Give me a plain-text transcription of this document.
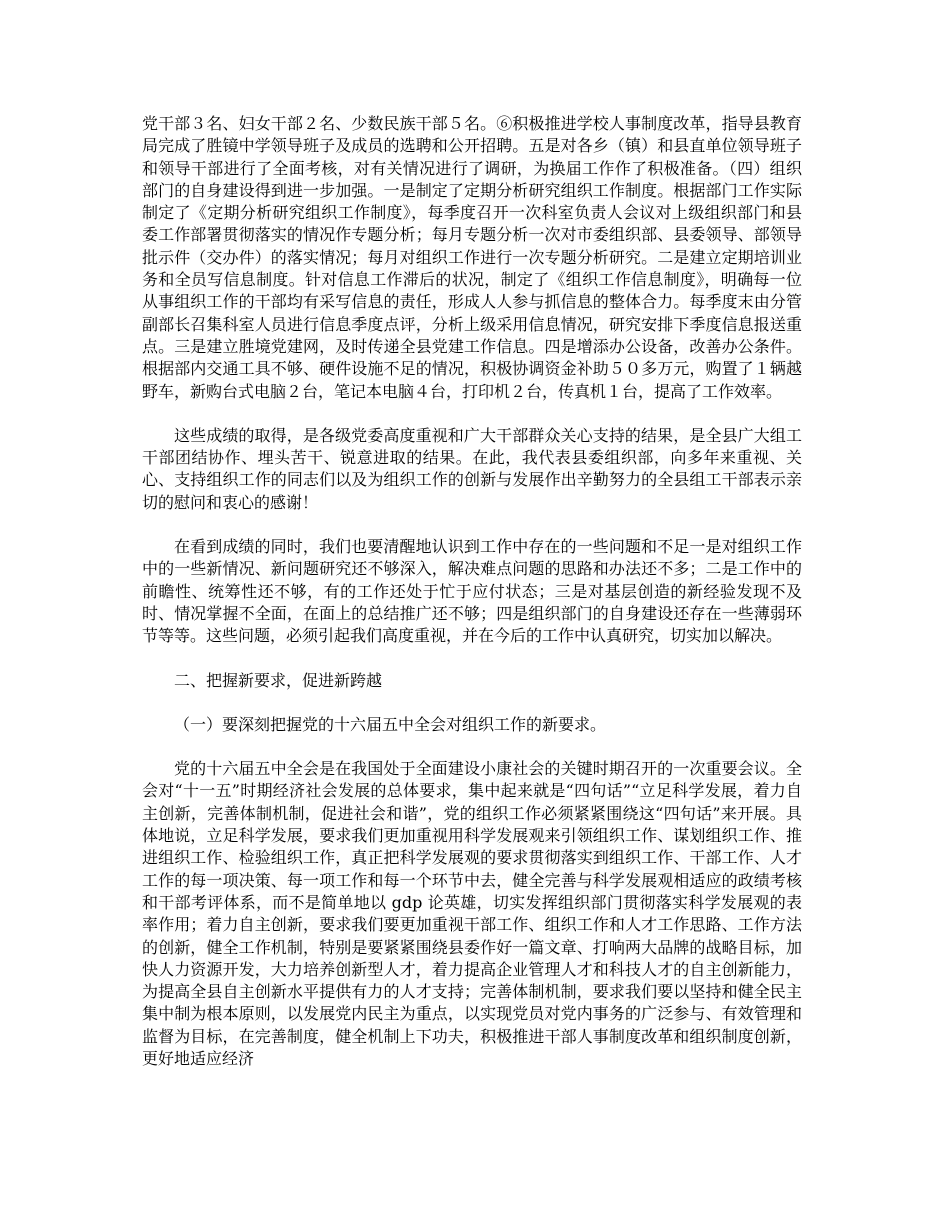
党干部３名、妇女干部２名、少数民族干部５名。⑥积极推进学校人事制度改革，指导县教育局完成了胜镜中学领导班子及成员的选聘和公开招聘。五是对各乡（镇）和县直单位领导班子和领导干部进行了全面考核，对有关情况进行了调研，为换届工作作了积极准备。（四）组织部门的自身建设得到进一步加强。一是制定了定期分析研究组织工作制度。根据部门工作实际制定了《定期分析研究组织工作制度》，每季度召开一次科室负责人会议对上级组织部门和县委工作部署贯彻落实的情况作专题分析；每月专题分析一次对市委组织部、县委领导、部领导批示件（交办件）的落实情况；每月对组织工作进行一次专题分析研究。二是建立定期培训业务和全员写信息制度。针对信息工作滞后的状况，制定了《组织工作信息制度》，明确每一位从事组织工作的干部均有采写信息的责任，形成人人参与抓信息的整体合力。每季度末由分管副部长召集科室人员进行信息季度点评，分析上级采用信息情况，研究安排下季度信息报送重点。三是建立胜境党建网，及时传递全县党建工作信息。四是增添办公设备，改善办公条件。根据部内交通工具不够、硬件设施不足的情况，积极协调资金补助５０多万元，购置了１辆越野车，新购台式电脑２台，笔记本电脑４台，打印机２台，传真机１台，提高了工作效率。

这些成绩的取得，是各级党委高度重视和广大干部群众关心支持的结果，是全县广大组工干部团结协作、埋头苦干、锐意进取的结果。在此，我代表县委组织部，向多年来重视、关心、支持组织工作的同志们以及为组织工作的创新与发展作出辛勤努力的全县组工干部表示亲切的慰问和衷心的感谢！

在看到成绩的同时，我们也要清醒地认识到工作中存在的一些问题和不足一是对组织工作中的一些新情况、新问题研究还不够深入，解决难点问题的思路和办法还不多；二是工作中的前瞻性、统筹性还不够，有的工作还处于忙于应付状态；三是对基层创造的新经验发现不及时、情况掌握不全面，在面上的总结推广还不够；四是组织部门的自身建设还存在一些薄弱环节等等。这些问题，必须引起我们高度重视，并在今后的工作中认真研究，切实加以解决。

二、把握新要求，促进新跨越

（一）要深刻把握党的十六届五中全会对组织工作的新要求。

党的十六届五中全会是在我国处于全面建设小康社会的关键时期召开的一次重要会议。全会对“十一五”时期经济社会发展的总体要求，集中起来就是“四句话”“立足科学发展，着力自主创新，完善体制机制，促进社会和谐”，党的组织工作必须紧紧围绕这“四句话”来开展。具体地说，立足科学发展，要求我们更加重视用科学发展观来引领组织工作、谋划组织工作、推进组织工作、检验组织工作，真正把科学发展观的要求贯彻落实到组织工作、干部工作、人才工作的每一项决策、每一项工作和每一个环节中去，健全完善与科学发展观相适应的政绩考核和干部考评体系，而不是简单地以 gdp 论英雄，切实发挥组织部门贯彻落实科学发展观的表率作用；着力自主创新，要求我们要更加重视干部工作、组织工作和人才工作思路、工作方法的创新，健全工作机制，特别是要紧紧围绕县委作好一篇文章、打响两大品牌的战略目标，加快人力资源开发，大力培养创新型人才，着力提高企业管理人才和科技人才的自主创新能力，为提高全县自主创新水平提供有力的人才支持；完善体制机制，要求我们要以坚持和健全民主集中制为根本原则，以发展党内民主为重点，以实现党员对党内事务的广泛参与、有效管理和监督为目标，在完善制度，健全机制上下功夫，积极推进干部人事制度改革和组织制度创新，更好地适应经济
